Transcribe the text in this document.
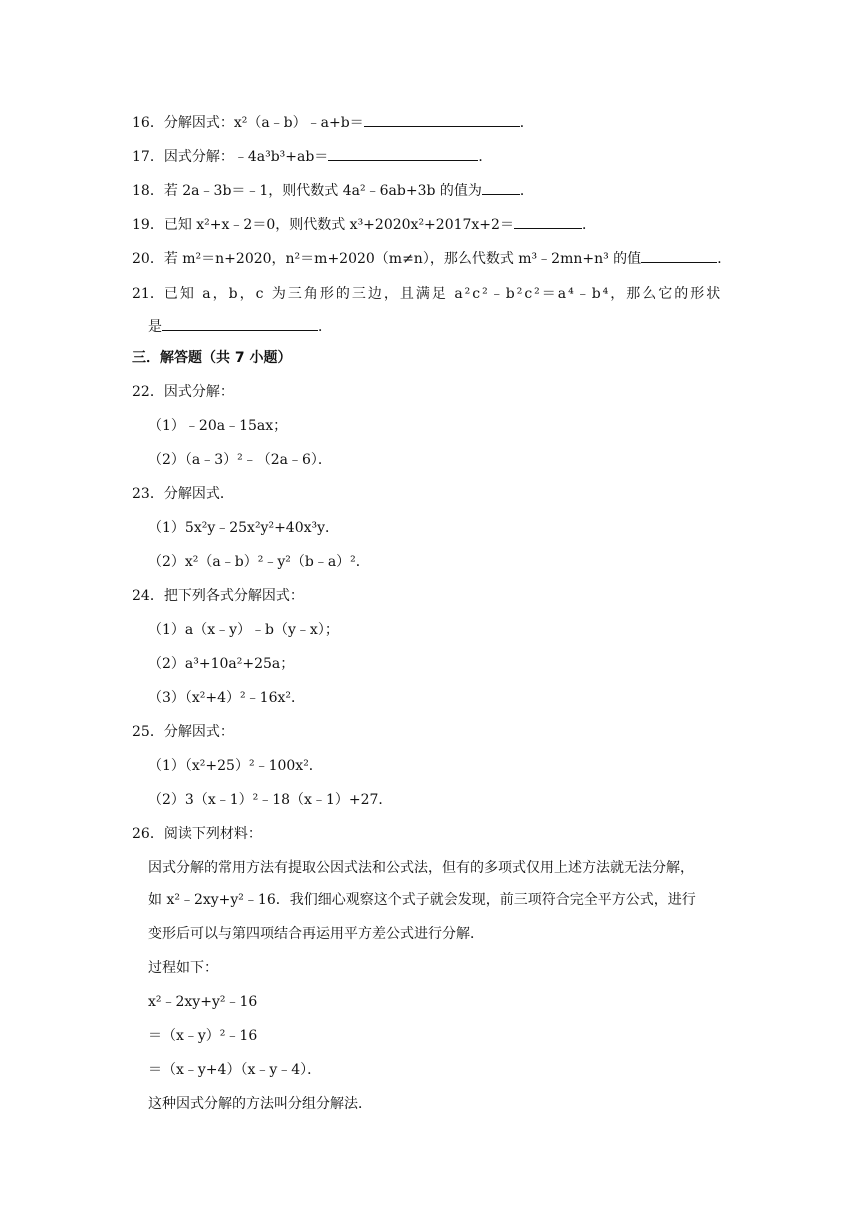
16．分解因式：x²（a﹣b）﹣a+b＝	．
17．因式分解：﹣4a³b³+ab＝	．
18．若 2a﹣3b＝﹣1，则代数式 4a²﹣6ab+3b 的值为	．
19．已知 x²+x﹣2＝0，则代数式 x³+2020x²+2017x+2＝	．
20．若 m²＝n+2020，n²＝m+2020（m≠n），那么代数式 m³﹣2mn+n³ 的值	．
21．已知 a，b，c 为三角形的三边，且满足 a²c²﹣b²c²＝a⁴﹣b⁴，那么它的形状
是	．
三．解答题（共 7 小题）
22．因式分解：
（1）﹣20a﹣15ax；
（2）（a﹣3）²﹣（2a﹣6）．
23．分解因式．
（1）5x²y﹣25x²y²+40x³y．
（2）x²（a﹣b）²﹣y²（b﹣a）²．
24．把下列各式分解因式：
（1）a（x﹣y）﹣b（y﹣x）；
（2）a³+10a²+25a；
（3）（x²+4）²﹣16x²．
25．分解因式：
（1）（x²+25）²﹣100x²．
（2）3（x﹣1）²﹣18（x﹣1）+27．
26．阅读下列材料：
因式分解的常用方法有提取公因式法和公式法，但有的多项式仅用上述方法就无法分解，
如 x²﹣2xy+y²﹣16．我们细心观察这个式子就会发现，前三项符合完全平方公式，进行
变形后可以与第四项结合再运用平方差公式进行分解．
过程如下：
x²﹣2xy+y²﹣16
＝（x﹣y）²﹣16
＝（x﹣y+4）（x﹣y﹣4）．
这种因式分解的方法叫分组分解法．
